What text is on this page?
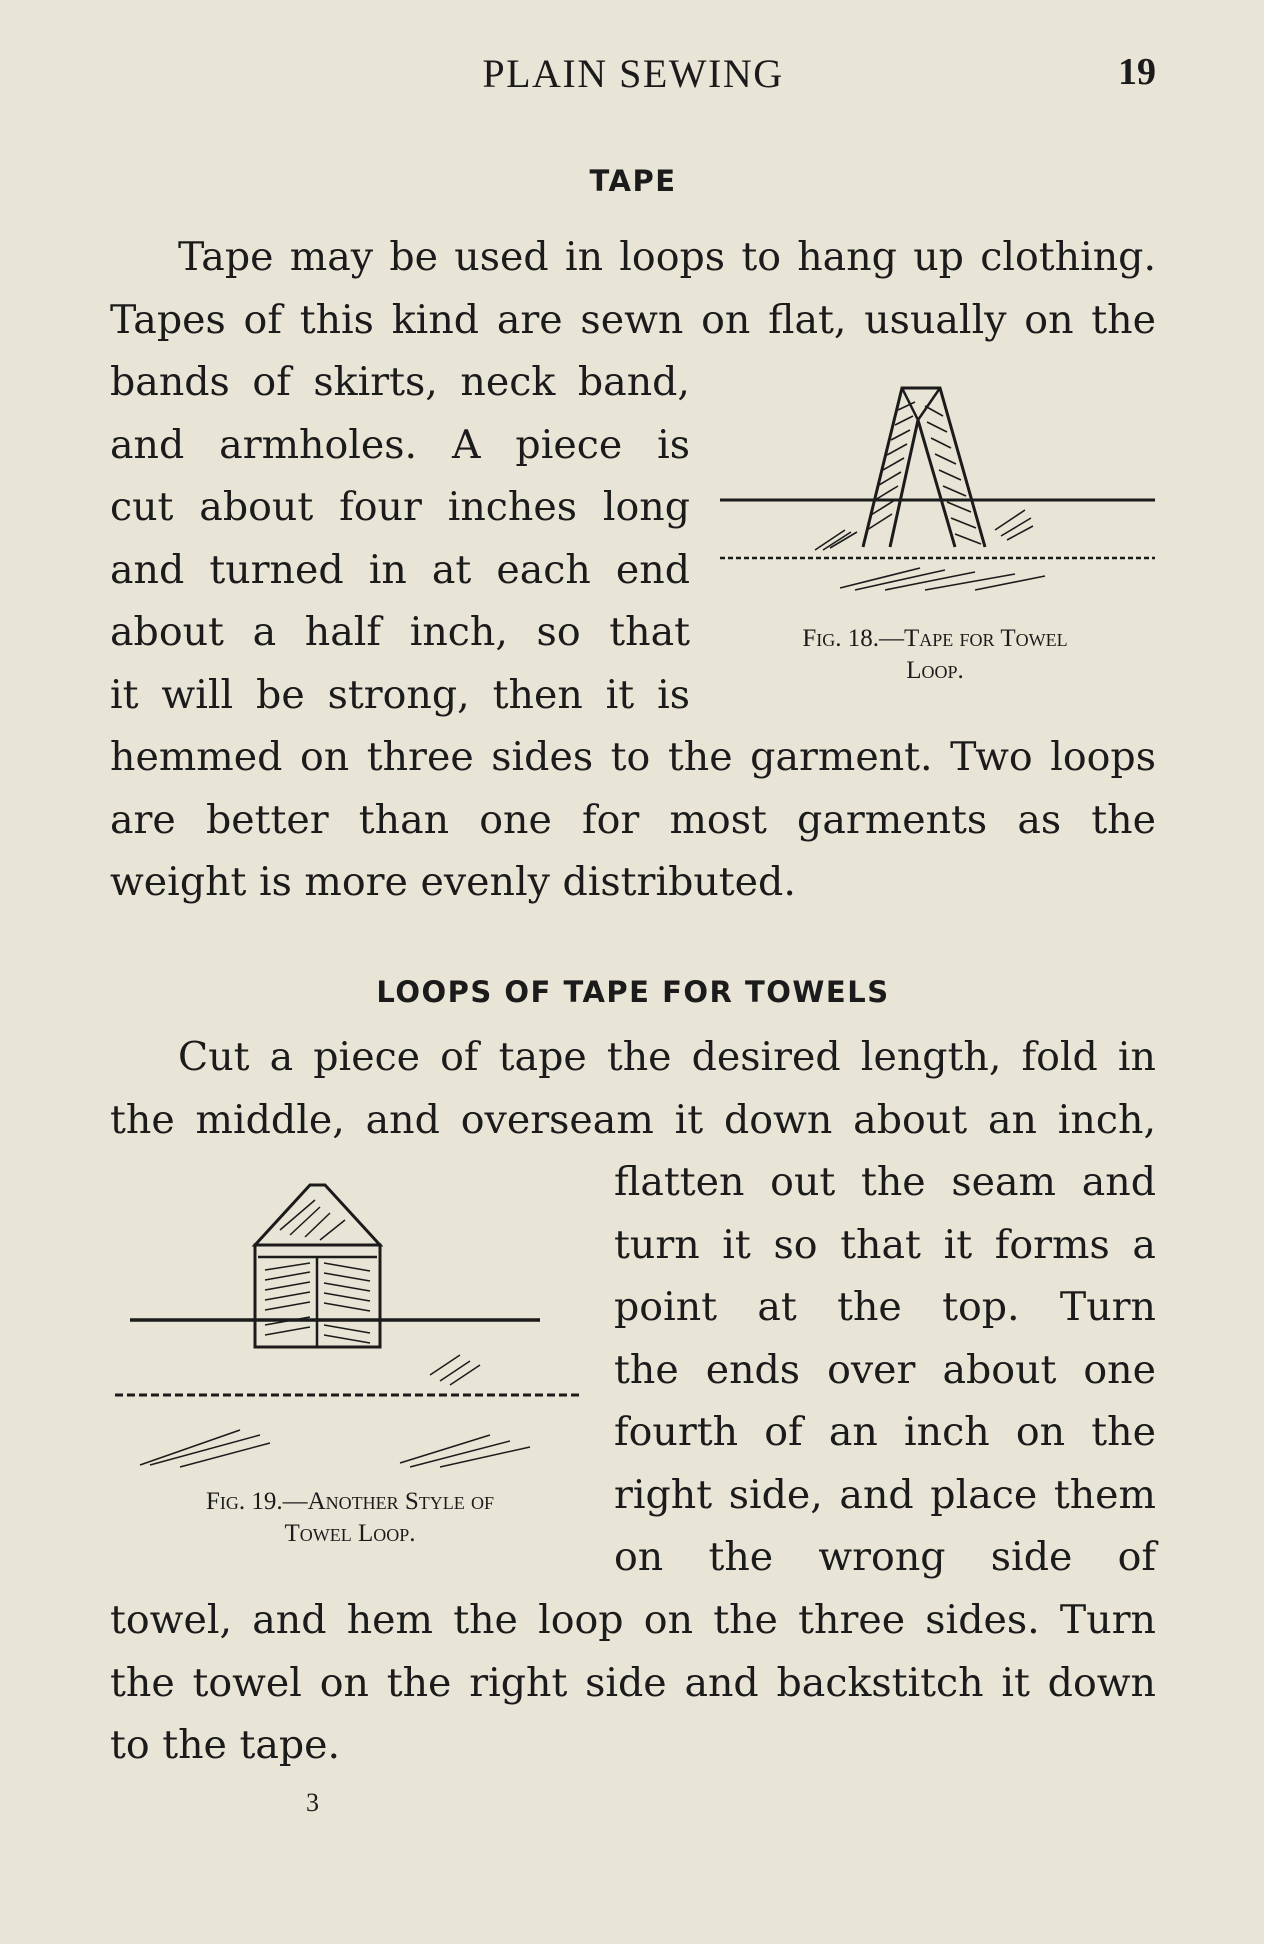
PLAIN SEWING	19
TAPE
Tape may be used in loops to hang up clothing.
Tapes of this kind are sewn on flat, usually on the
bands of skirts, neck band,
and armholes. A piece is
cut about four inches long
and turned in at each end
about a half inch, so that
it will be strong, then it is
hemmed on three sides to the garment. Two loops
are better than one for most garments as the
weight is more evenly distributed.
Fig. 18.—Tape for Towel
Loop.
LOOPS OF TAPE FOR TOWELS
Cut a piece of tape the desired length, fold in
the middle, and overseam it down about an inch,
flatten out the seam and
turn it so that it forms a
point at the top. Turn
the ends over about one
fourth of an inch on the
right side, and place them
on the wrong side of
towel, and hem the loop on the three sides. Turn
the towel on the right side and backstitch it down
to the tape.
Fig. 19.—Another Style of
Towel Loop.
3
